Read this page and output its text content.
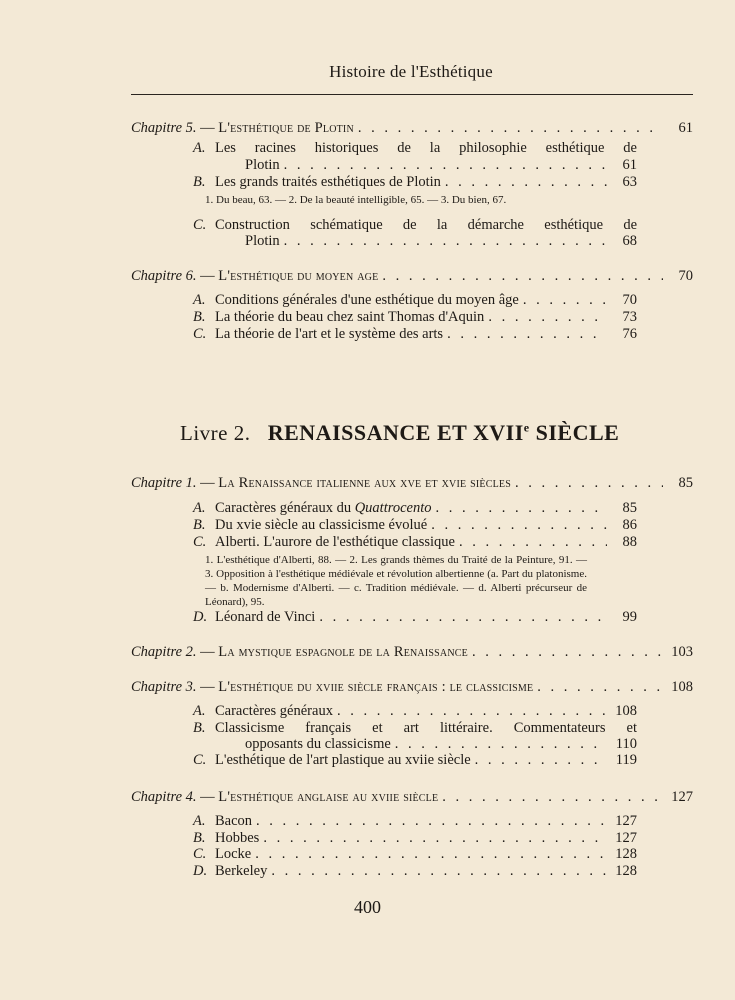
Histoire de l'Esthétique
Chapitre 5.
—
L'esthétique de Plotin . . .	61
A. Les racines historiques de la philosophie esthétique de
Plotin . . .	61
B. Les grands traités esthétiques de Plotin . . .	63
1. Du beau, 63. — 2. De la beauté intelligible, 65. — 3. Du bien, 67.
C. Construction schématique de la démarche esthétique de
Plotin . . .	68
Chapitre 6.
—
L'esthétique du moyen age . . .	70
A. Conditions générales d'une esthétique du moyen âge . . .	70
B. La théorie du beau chez saint Thomas d'Aquin . . .	73
C. La théorie de l'art et le système des arts . . .	76
Livre 2. RENAISSANCE ET XVIIe SIÈCLE
Chapitre 1.
—
La Renaissance italienne aux xve et xvie siècles . . .	85
A. Caractères généraux du Quattrocento . . .	85
B. Du xvie siècle au classicisme évolué . . .	86
C. Alberti. L'aurore de l'esthétique classique . . .	88
1. L'esthétique d'Alberti, 88. — 2. Les grands thèmes du Traité de la Peinture, 91. — 3. Opposition à l'esthétique médiévale et révolution albertienne (a. Part du platonisme. — b. Modernisme d'Alberti. — c. Tradition médiévale. — d. Alberti précurseur de Léonard), 95.
D. Léonard de Vinci . . .	99
Chapitre 2.
—
La mystique espagnole de la Renaissance . . .	103
Chapitre 3.
—
L'esthétique du xviie siècle français : le classicisme . . .	108
A. Caractères généraux . . .	108
B. Classicisme français et art littéraire. Commentateurs et
opposants du classicisme . . .	110
C. L'esthétique de l'art plastique au xviie siècle . . .	119
Chapitre 4.
—
L'esthétique anglaise au xviie siècle . . .	127
A. Bacon . . .	127
B. Hobbes . . .	127
C. Locke . . .	128
D. Berkeley . . .	128
400
